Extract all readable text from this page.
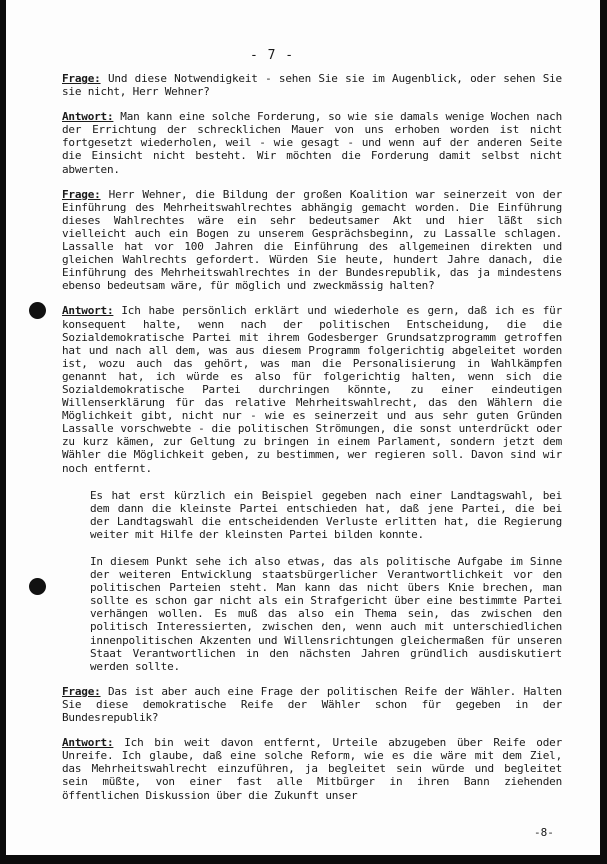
- 7 -

Frage: Und diese Notwendigkeit - sehen Sie sie im Augenblick, oder sehen Sie sie nicht, Herr Wehner?

Antwort: Man kann eine solche Forderung, so wie sie damals wenige Wochen nach der Errichtung der schrecklichen Mauer von uns erhoben worden ist nicht fortgesetzt wiederholen, weil - wie gesagt - und wenn auf der anderen Seite die Einsicht nicht besteht. Wir möchten die Forderung damit selbst nicht abwerten.

Frage: Herr Wehner, die Bildung der großen Koalition war seinerzeit von der Einführung des Mehrheitswahlrechtes abhängig gemacht worden. Die Einführung dieses Wahlrechtes wäre ein sehr bedeutsamer Akt und hier läßt sich vielleicht auch ein Bogen zu unserem Gesprächsbeginn, zu Lassalle schlagen. Lassalle hat vor 100 Jahren die Einführung des allgemeinen direkten und gleichen Wahlrechts gefordert. Würden Sie heute, hundert Jahre danach, die Einführung des Mehrheitswahlrechtes in der Bundesrepublik, das ja mindestens ebenso bedeutsam wäre, für möglich und zweckmässig halten?

Antwort: Ich habe persönlich erklärt und wiederhole es gern, daß ich es für konsequent halte, wenn nach der politischen Entscheidung, die die Sozialdemokratische Partei mit ihrem Godesberger Grundsatzprogramm getroffen hat und nach all dem, was aus diesem Programm folgerichtig abgeleitet worden ist, wozu auch das gehört, was man die Personalisierung in Wahlkämpfen genannt hat, ich würde es also für folgerichtig halten, wenn sich die Sozialdemokratische Partei durchringen könnte, zu einer eindeutigen Willenserklärung für das relative Mehrheitswahlrecht, das den Wählern die Möglichkeit gibt, nicht nur - wie es seinerzeit und aus sehr guten Gründen Lassalle vorschwebte - die politischen Strömungen, die sonst unterdrückt oder zu kurz kämen, zur Geltung zu bringen in einem Parlament, sondern jetzt dem Wähler die Möglichkeit geben, zu bestimmen, wer regieren soll. Davon sind wir noch entfernt.

Es hat erst kürzlich ein Beispiel gegeben nach einer Landtagswahl, bei dem dann die kleinste Partei entschieden hat, daß jene Partei, die bei der Landtagswahl die entscheidenden Verluste erlitten hat, die Regierung weiter mit Hilfe der kleinsten Partei bilden konnte.

In diesem Punkt sehe ich also etwas, das als politische Aufgabe im Sinne der weiteren Entwicklung staatsbürgerlicher Verantwortlichkeit vor den politischen Parteien steht. Man kann das nicht übers Knie brechen, man sollte es schon gar nicht als ein Strafgericht über eine bestimmte Partei verhängen wollen. Es muß das also ein Thema sein, das zwischen den politisch Interessierten, zwischen den, wenn auch mit unterschiedlichen innenpolitischen Akzenten und Willensrichtungen gleichermaßen für unseren Staat Verantwortlichen in den nächsten Jahren gründlich ausdiskutiert werden sollte.

Frage: Das ist aber auch eine Frage der politischen Reife der Wähler. Halten Sie diese demokratische Reife der Wähler schon für gegeben in der Bundesrepublik?

Antwort: Ich bin weit davon entfernt, Urteile abzugeben über Reife oder Unreife. Ich glaube, daß eine solche Reform, wie es die wäre mit dem Ziel, das Mehrheitswahlrecht einzuführen, ja begleitet sein würde und begleitet sein müßte, von einer fast alle Mitbürger in ihren Bann ziehenden öffentlichen Diskussion über die Zukunft unser

-8-
